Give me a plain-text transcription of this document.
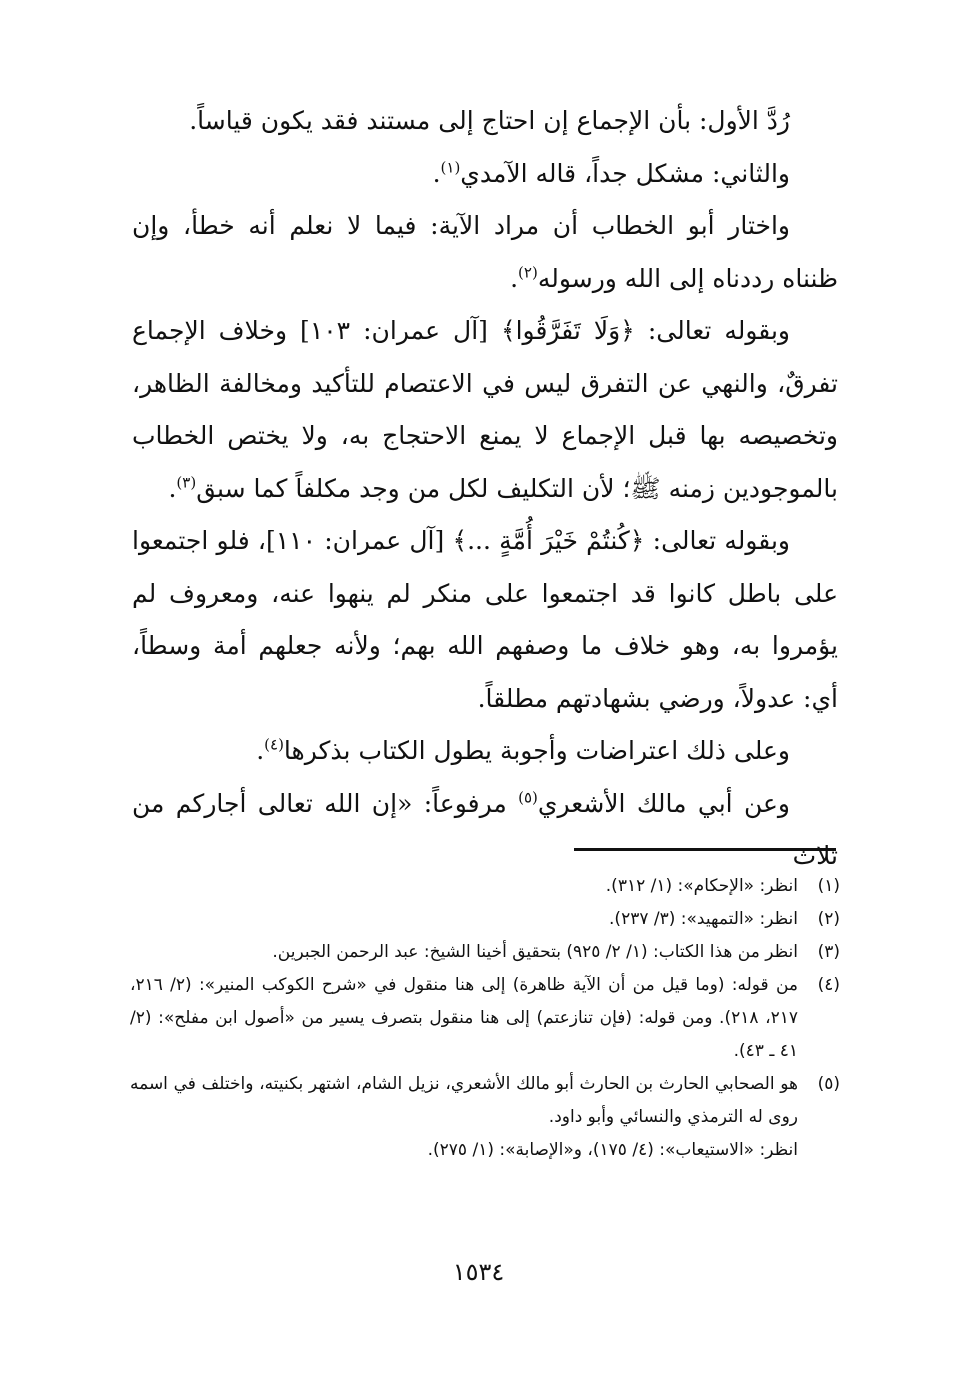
رُدَّ الأول: بأن الإجماع إن احتاج إلى مستند فقد يكون قياساً.

والثاني: مشكل جداً، قاله الآمدي$^{(١)}$.

واختار أبو الخطاب أن مراد الآية: فيما لا نعلم أنه خطأ، وإن ظنناه رددناه إلى الله ورسوله$^{(٢)}$.

وبقوله تعالى: ﴿وَلَا تَفَرَّقُوا﴾ [آل عمران: ١٠٣] وخلاف الإجماع تفرقٌ، والنهي عن التفرق ليس في الاعتصام للتأكيد ومخالفة الظاهر، وتخصيصه بها قبل الإجماع لا يمنع الاحتجاج به، ولا يختص الخطاب بالموجودين زمنه ﷺ؛ لأن التكليف لكل من وجد مكلفاً كما سبق$^{(٣)}$.

وبقوله تعالى: ﴿كُنتُمْ خَيْرَ أُمَّةٍ ...﴾ [آل عمران: ١١٠]، فلو اجتمعوا على باطل كانوا قد اجتمعوا على منكر لم ينهوا عنه، ومعروف لم يؤمروا به، وهو خلاف ما وصفهم الله بهم؛ ولأنه جعلهم أمة وسطاً، أي: عدولاً، ورضي بشهادتهم مطلقاً.

وعلى ذلك اعتراضات وأجوبة يطول الكتاب بذكرها$^{(٤)}$.

وعن أبي مالك الأشعري$^{(٥)}$ مرفوعاً: «إن الله تعالى أجاركم من ثلاث

(١)
انظر: «الإحكام»: (١/ ٣١٢).
(٢)
انظر: «التمهيد»: (٣/ ٢٣٧).
(٣)
انظر من هذا الكتاب: (١/ ٢/ ٩٢٥) بتحقيق أخينا الشيخ: عبد الرحمن الجبرين.
(٤)
من قوله: (وما قيل من أن الآية ظاهرة) إلى هنا منقول في «شرح الكوكب المنير»: (٢/ ٢١٦، ٢١٧، ٢١٨). ومن قوله: (فإن تنازعتم) إلى هنا منقول بتصرف يسير من «أصول ابن مفلح»: (٢/ ٤١ ـ ٤٣).
(٥)
هو الصحابي الحارث بن الحارث أبو مالك الأشعري، نزيل الشام، اشتهر بكنيته، واختلف في اسمه روى له الترمذي والنسائي وأبو داود.
انظر: «الاستيعاب»: (٤/ ١٧٥)، و«الإصابة»: (١/ ٢٧٥).
١٥٣٤
